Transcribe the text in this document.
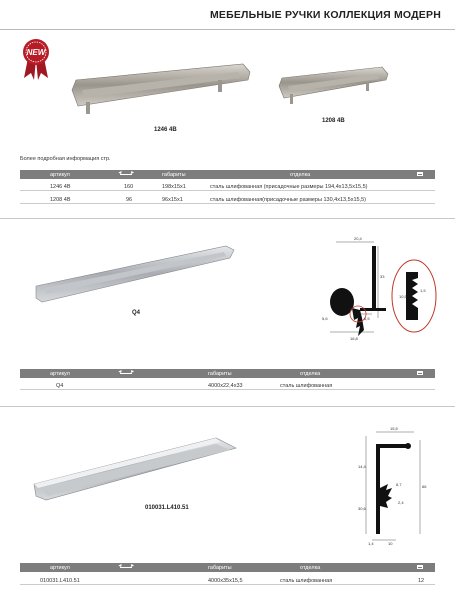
МЕБЕЛЬНЫЕ РУЧКИ КОЛЛЕКЦИЯ МОДЕРН
NEW
1246 4В
1208 4В
Более подробная информация стр.
артикул ◂ ▸	габариты	отделка
1246 4В	160	198х15х1	сталь шлифованная (присадочные размеры 194,4х13,5х15,5)
1208 4В	96	96х15х1	сталь шлифованная(присадочные размеры 130,4х13,5х15,5)
Q4
20,4
33
16,8
5,6	6,5
10,5
1,5
артикул ◂ ▸	габариты	отделка
Q4	4000х22,4х33	сталь шлифованная
010031.L410.51
15,5
14,4
30,6
66
8,7
2,4
1,4	10
артикул ◂ ▸	габариты	отделка
010031.L410.51	4000х35х15,5	сталь шлифованная	12
